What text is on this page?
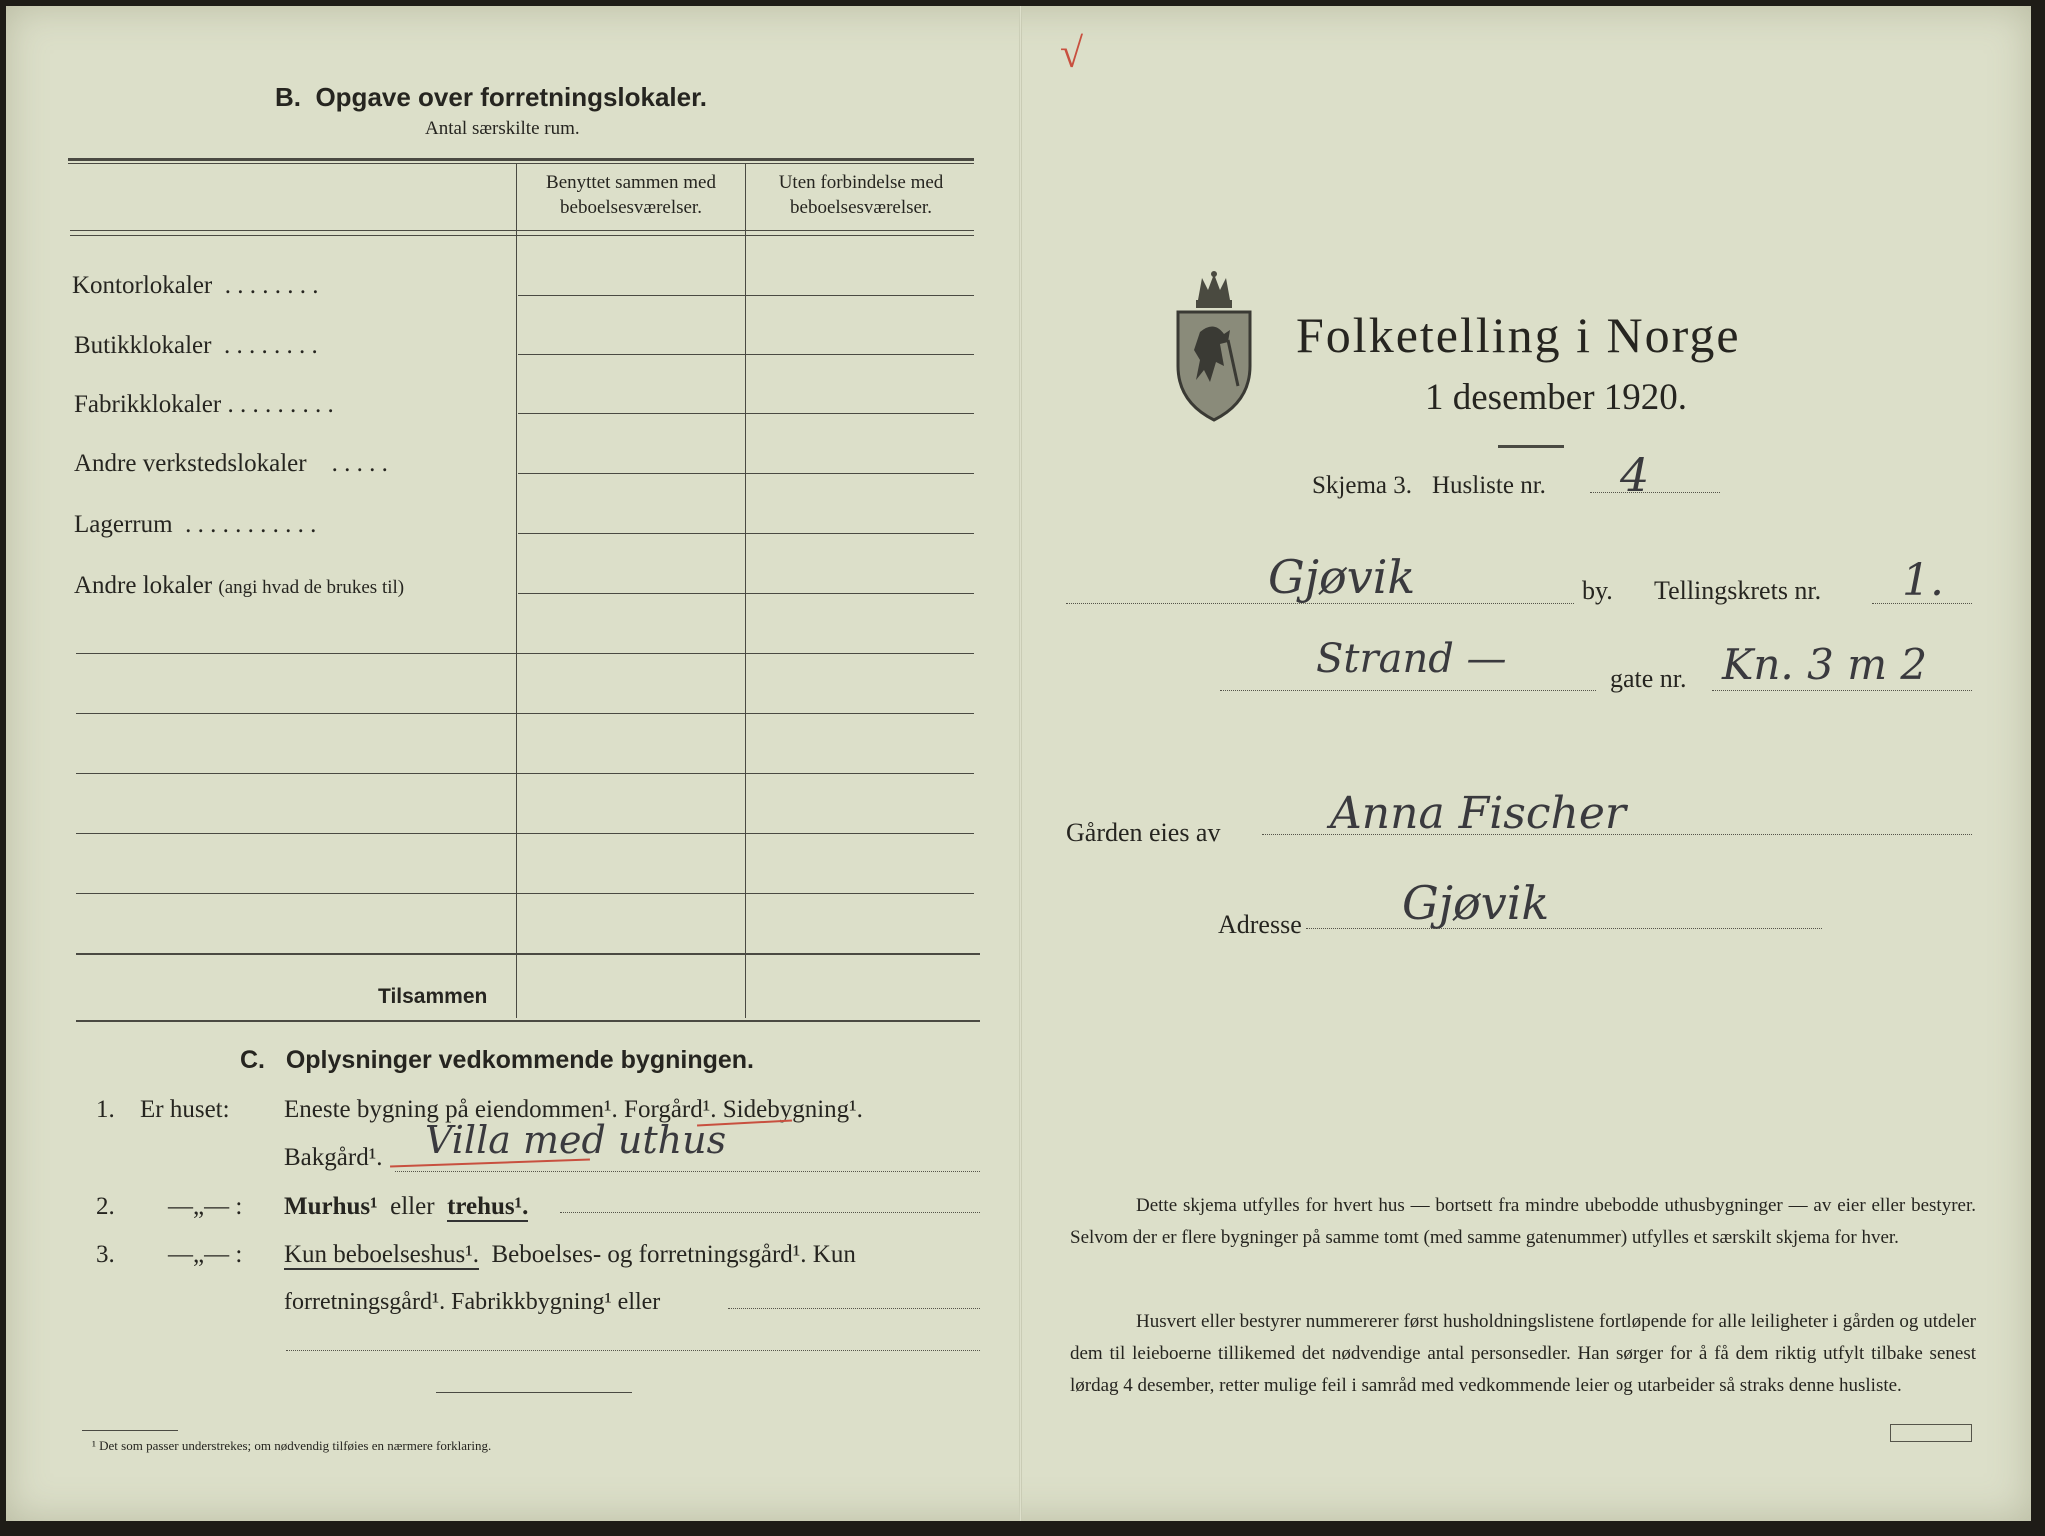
B. Opgave over forretningslokaler.
Antal særskilte rum.
Benyttet sammen med beboelsesværelser.
Uten forbindelse med beboelsesværelser.
Kontorlokaler . . . . . . . .
Butikklokaler . . . . . . . .
Fabrikklokaler . . . . . . . . .
Andre verkstedslokaler . . . . .
Lagerrum . . . . . . . . . . .
Andre lokaler (angi hvad de brukes til)
Tilsammen
C. Oplysninger vedkommende bygningen.
1. Er huset: Eneste bygning på eiendommen¹. Forgård¹. Sidebygning¹.
Bakgård¹. Villa med uthus
2. —„— : Murhus¹ eller trehus¹.
3. —„— : Kun beboelseshus¹. Beboelses- og forretningsgård¹. Kun
forretningsgård¹. Fabrikkbygning¹ eller
¹ Det som passer understrekes; om nødvendig tilføies en nærmere forklaring.
√
Folketelling i Norge
1 desember 1920.
Skjema 3. Husliste nr. 4
Gjøvik	by. Tellingskrets nr. 1.
Strand —	gate nr. Kn. 3 m 2
Gården eies av Anna Fischer
Adresse Gjøvik
Dette skjema utfylles for hvert hus — bortsett fra mindre ubebodde uthusbygninger — av eier eller bestyrer. Selvom der er flere bygninger på samme tomt (med samme gatenummer) utfylles et særskilt skjema for hver.
Husvert eller bestyrer nummererer først husholdningslistene fortløpende for alle leiligheter i gården og utdeler dem til leieboerne tillikemed det nødvendige antal personsedler. Han sørger for å få dem riktig utfylt tilbake senest lørdag 4 desember, retter mulige feil i samråd med vedkommende leier og utarbeider så straks denne husliste.
